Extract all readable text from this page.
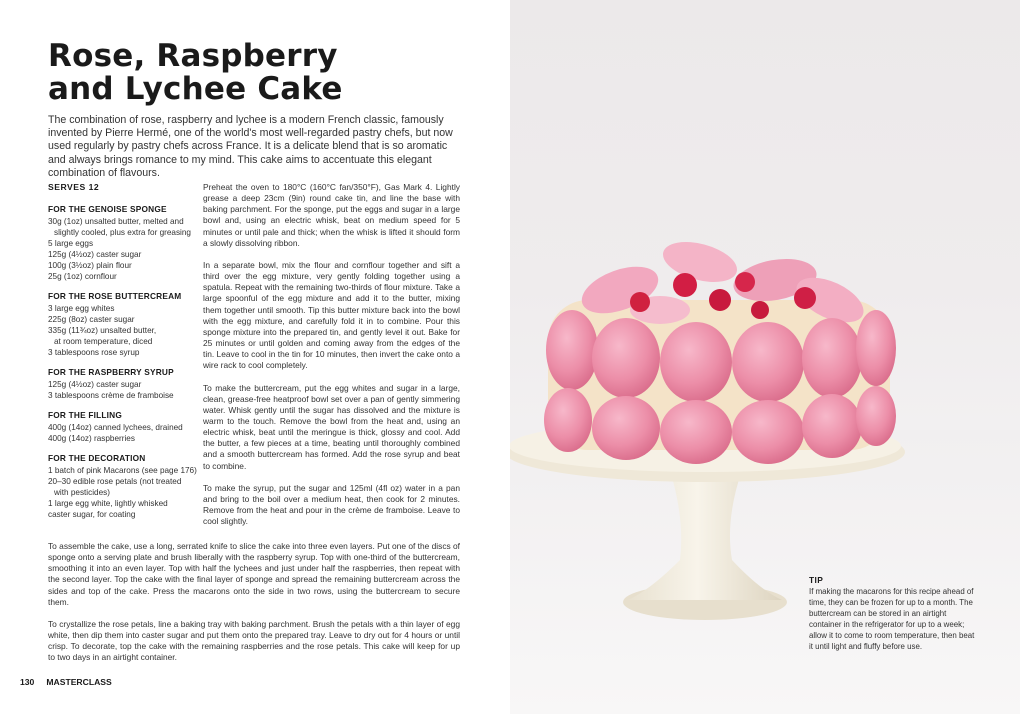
Rose, Raspberry
and Lychee Cake

The combination of rose, raspberry and lychee is a modern French classic, famously invented by Pierre Hermé, one of the world's most well-regarded pastry chefs, but now used regularly by pastry chefs across France. It is a delicate blend that is so aromatic and always brings romance to my mind. This cake aims to accentuate this elegant combination of flavours.

SERVES 12
FOR THE GENOISE SPONGE
30g (1oz) unsalted butter, melted and
slightly cooled, plus extra for greasing
5 large eggs
125g (4½oz) caster sugar
100g (3½oz) plain flour
25g (1oz) cornflour
FOR THE ROSE BUTTERCREAM
3 large egg whites
225g (8oz) caster sugar
335g (11¾oz) unsalted butter,
at room temperature, diced
3 tablespoons rose syrup
FOR THE RASPBERRY SYRUP
125g (4½oz) caster sugar
3 tablespoons crème de framboise
FOR THE FILLING
400g (14oz) canned lychees, drained
400g (14oz) raspberries
FOR THE DECORATION
1 batch of pink Macarons (see page 176)
20–30 edible rose petals (not treated
with pesticides)
1 large egg white, lightly whisked
caster sugar, for coating

Preheat the oven to 180°C (160°C fan/350°F), Gas Mark 4. Lightly grease a deep 23cm (9in) round cake tin, and line the base with baking parchment. For the sponge, put the eggs and sugar in a large bowl and, using an electric whisk, beat on medium speed for 5 minutes or until pale and thick; when the whisk is lifted it should form a slowly dissolving ribbon.

In a separate bowl, mix the flour and cornflour together and sift a third over the egg mixture, very gently folding together using a spatula. Repeat with the remaining two-thirds of flour mixture. Take a large spoonful of the egg mixture and add it to the butter, mixing them together until smooth. Tip this butter mixture back into the bowl with the egg mixture, and carefully fold it in to combine. Pour this sponge mixture into the prepared tin, and gently level it out. Bake for 25 minutes or until golden and coming away from the edges of the tin. Leave to cool in the tin for 10 minutes, then invert the cake onto a wire rack to cool completely.

To make the buttercream, put the egg whites and sugar in a large, clean, grease-free heatproof bowl set over a pan of gently simmering water. Whisk gently until the sugar has dissolved and the mixture is warm to the touch. Remove the bowl from the heat and, using an electric whisk, beat until the meringue is thick, glossy and cool. Add the butter, a few pieces at a time, beating until thoroughly combined and a smooth buttercream has formed. Add the rose syrup and beat to combine.

To make the syrup, put the sugar and 125ml (4fl oz) water in a pan and bring to the boil over a medium heat, then cook for 2 minutes. Remove from the heat and pour in the crème de framboise. Leave to cool slightly.

To assemble the cake, use a long, serrated knife to slice the cake into three even layers. Put one of the discs of sponge onto a serving plate and brush liberally with the raspberry syrup. Top with one-third of the buttercream, smoothing it into an even layer. Top with half the lychees and just under half the raspberries, then repeat with the second layer. Top the cake with the final layer of sponge and spread the remaining buttercream across the sides and top of the cake. Press the macarons onto the side in two rows, using the buttercream to secure them.

To crystallize the rose petals, line a baking tray with baking parchment. Brush the petals with a thin layer of egg white, then dip them into caster sugar and put them onto the prepared tray. Leave to dry out for 4 hours or until crisp. To decorate, top the cake with the remaining raspberries and the rose petals. This cake will keep for up to two days in an airtight container.

130 MASTERCLASS
TIP
If making the macarons for this recipe ahead of time, they can be frozen for up to a month. The buttercream can be stored in an airtight container in the refrigerator for up to a week; allow it to come to room temperature, then beat it until light and fluffy before use.
